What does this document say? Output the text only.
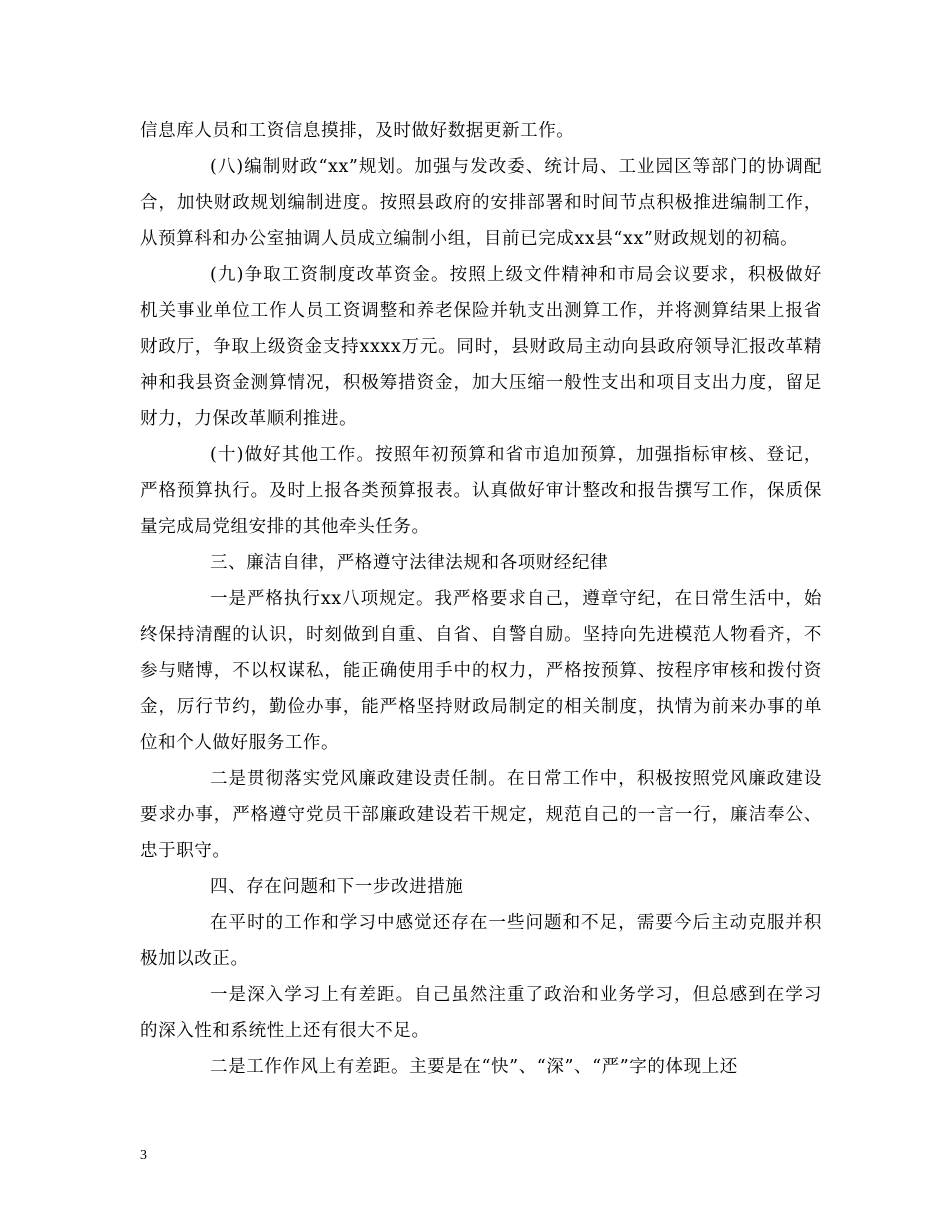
信息库人员和工资信息摸排，及时做好数据更新工作。

(八)编制财政“xx”规划。加强与发改委、统计局、工业园区等部门的协调配合，加快财政规划编制进度。按照县政府的安排部署和时间节点积极推进编制工作，从预算科和办公室抽调人员成立编制小组，目前已完成xx县“xx”财政规划的初稿。

(九)争取工资制度改革资金。按照上级文件精神和市局会议要求，积极做好机关事业单位工作人员工资调整和养老保险并轨支出测算工作，并将测算结果上报省财政厅，争取上级资金支持xxxx万元。同时，县财政局主动向县政府领导汇报改革精神和我县资金测算情况，积极筹措资金，加大压缩一般性支出和项目支出力度，留足财力，力保改革顺利推进。

(十)做好其他工作。按照年初预算和省市追加预算，加强指标审核、登记，严格预算执行。及时上报各类预算报表。认真做好审计整改和报告撰写工作，保质保量完成局党组安排的其他牵头任务。

三、廉洁自律，严格遵守法律法规和各项财经纪律

一是严格执行xx八项规定。我严格要求自己，遵章守纪，在日常生活中，始终保持清醒的认识，时刻做到自重、自省、自警自励。坚持向先进模范人物看齐，不参与赌博，不以权谋私，能正确使用手中的权力，严格按预算、按程序审核和拨付资金，厉行节约，勤俭办事，能严格坚持财政局制定的相关制度，执情为前来办事的单位和个人做好服务工作。

二是贯彻落实党风廉政建设责任制。在日常工作中，积极按照党风廉政建设要求办事，严格遵守党员干部廉政建设若干规定，规范自己的一言一行，廉洁奉公、忠于职守。

四、存在问题和下一步改进措施

在平时的工作和学习中感觉还存在一些问题和不足，需要今后主动克服并积极加以改正。

一是深入学习上有差距。自己虽然注重了政治和业务学习，但总感到在学习的深入性和系统性上还有很大不足。

二是工作作风上有差距。主要是在“快”、“深”、“严”字的体现上还

3
